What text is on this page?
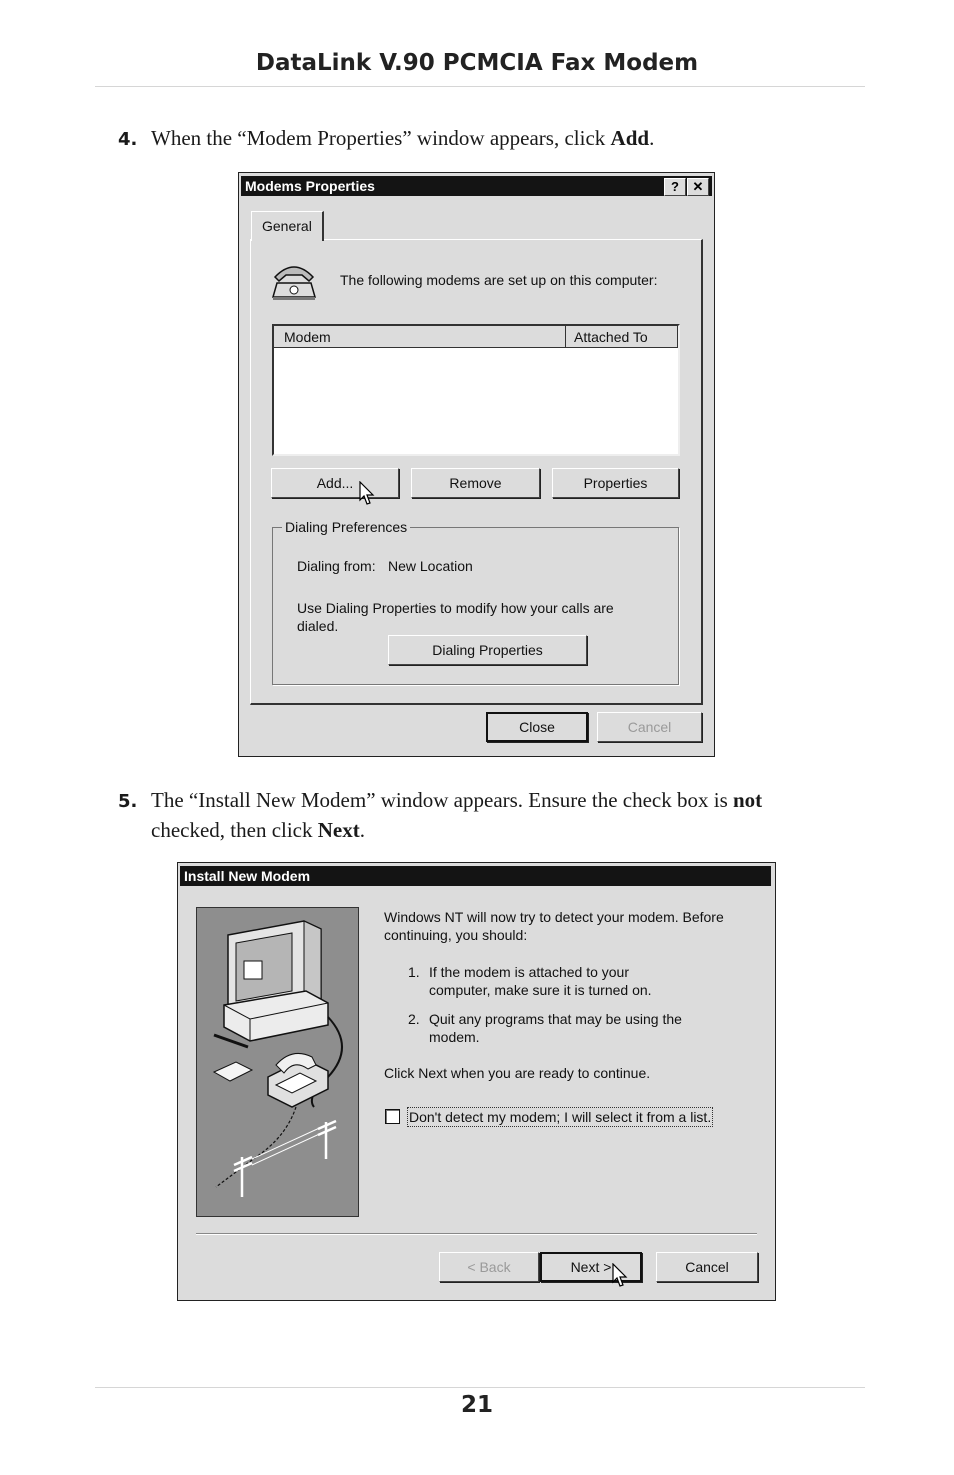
DataLink V.90 PCMCIA Fax Modem
4. When the “Modem Properties” window appears, click Add.
Modems Properties	?	✕
General
The following modems are set up on this computer:
Modem	Attached To
Add...	Remove	Properties
Dialing Preferences
Dialing from: New Location
Use Dialing Properties to modify how your calls are dialed.
Dialing Properties
Close	Cancel
5. The “Install New Modem” window appears. Ensure the check box is not
checked, then click Next.
Install New Modem
Windows NT will now try to detect your modem. Before continuing, you should:
1. If the modem is attached to your computer, make sure it is turned on.
2. Quit any programs that may be using the modem.
Click Next when you are ready to continue.
Don't detect my modem; I will select it from a list.
< Back	Next >	Cancel
21
